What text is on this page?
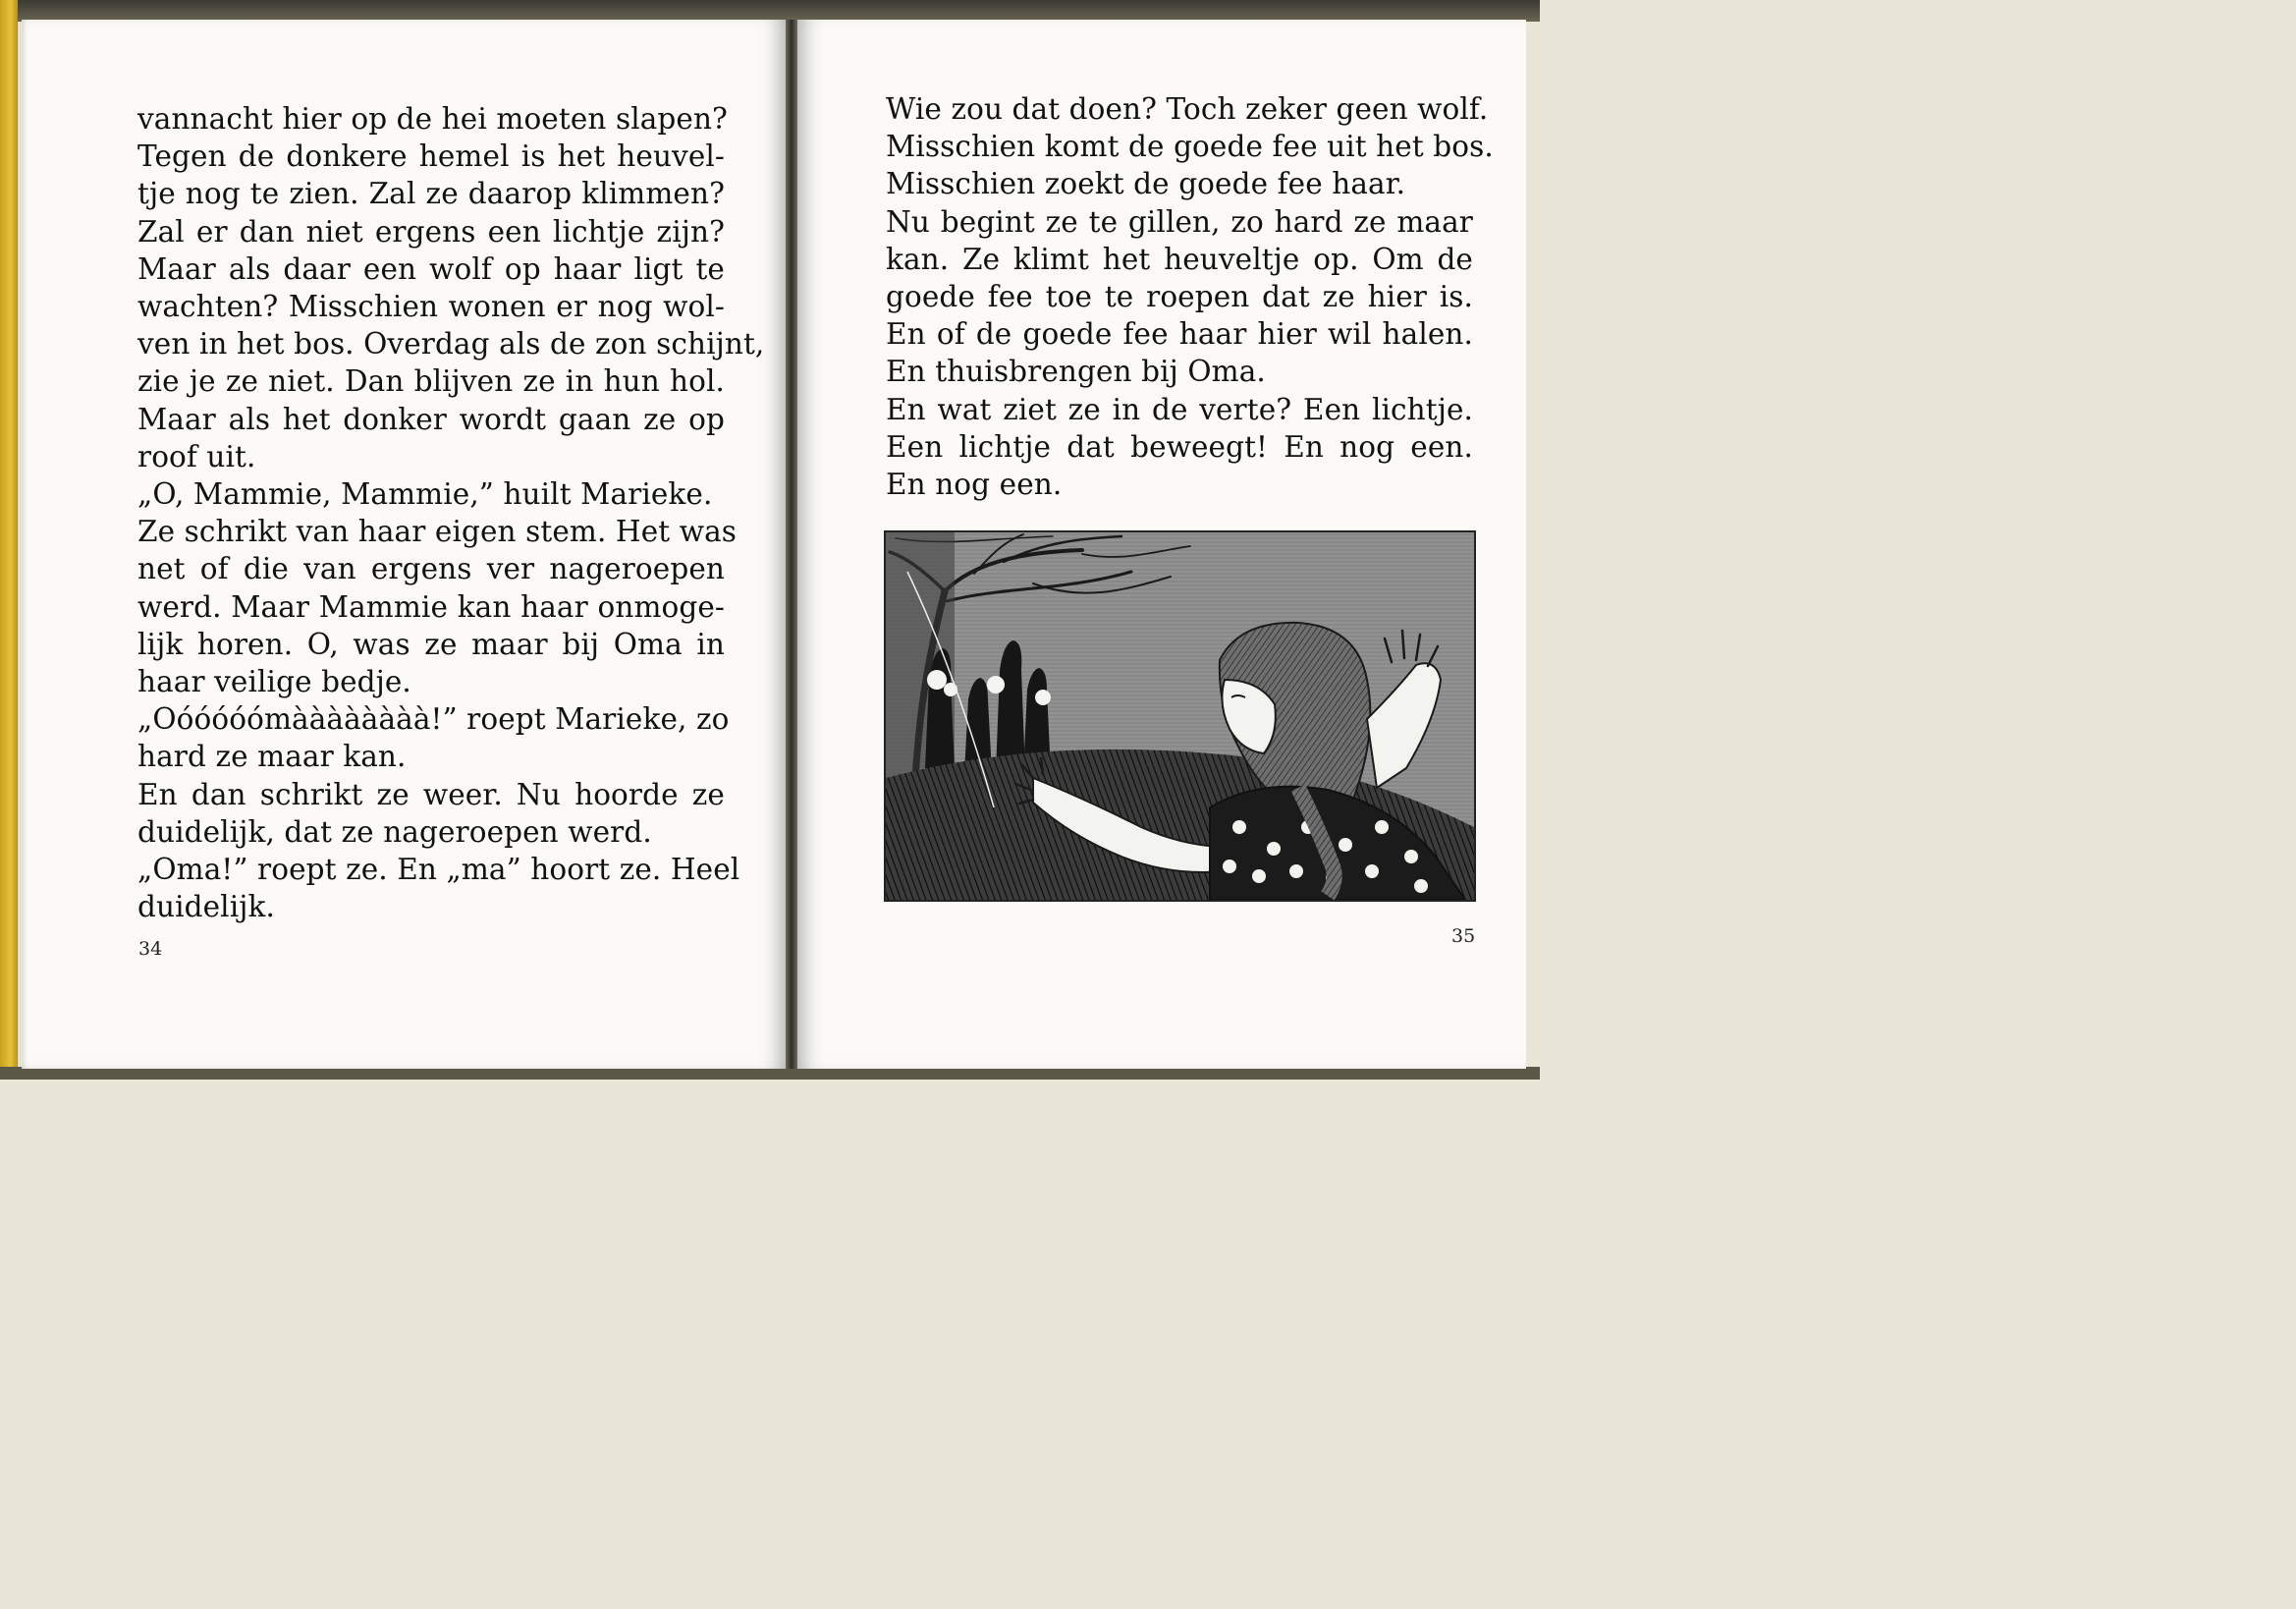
vannacht hier op de hei moeten slapen?
Tegen de donkere hemel is het heuvel-
tje nog te zien. Zal ze daarop klimmen?
Zal er dan niet ergens een lichtje zijn?
Maar als daar een wolf op haar ligt te
wachten? Misschien wonen er nog wol-
ven in het bos. Overdag als de zon schijnt,
zie je ze niet. Dan blijven ze in hun hol.
Maar als het donker wordt gaan ze op
roof uit.
„O, Mammie, Mammie,” huilt Marieke.
Ze schrikt van haar eigen stem. Het was
net of die van ergens ver nageroepen
werd. Maar Mammie kan haar onmoge-
lijk horen. O, was ze maar bij Oma in
haar veilige bedje.
„Oóóóóómàààààààà!” roept Marieke, zo
hard ze maar kan.
En dan schrikt ze weer. Nu hoorde ze
duidelijk, dat ze nageroepen werd.
„Oma!” roept ze. En „ma” hoort ze. Heel
duidelijk.
34
Wie zou dat doen? Toch zeker geen wolf.
Misschien komt de goede fee uit het bos.
Misschien zoekt de goede fee haar.
Nu begint ze te gillen, zo hard ze maar
kan. Ze klimt het heuveltje op. Om de
goede fee toe te roepen dat ze hier is.
En of de goede fee haar hier wil halen.
En thuisbrengen bij Oma.
En wat ziet ze in de verte? Een lichtje.
Een lichtje dat beweegt! En nog een.
En nog een.
35
